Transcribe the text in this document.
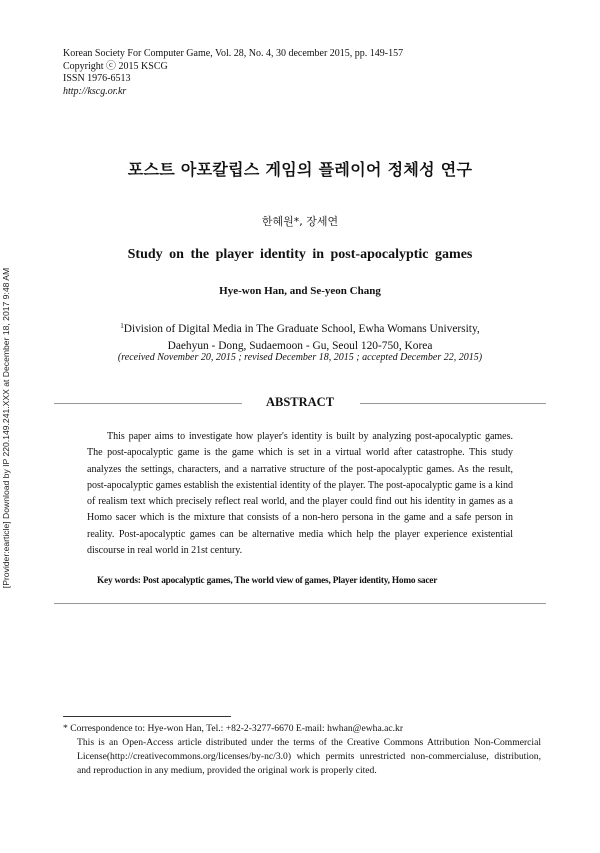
[Provider:earticle] Download by IP 220.149.241.XXX at December 18, 2017 9:48 AM
Korean Society For Computer Game, Vol. 28, No. 4, 30 december 2015, pp. 149-157
Copyright ⓒ 2015 KSCG
ISSN 1976-6513
http://kscg.or.kr
포스트 아포칼립스 게임의 플레이어 정체성 연구
한혜원*, 장세연
Study on the player identity in post-apocalyptic games
Hye-won Han, and Se-yeon Chang
$^1$Division of Digital Media in The Graduate School, Ewha Womans University,
Daehyun - Dong, Sudaemoon - Gu, Seoul 120-750, Korea
(received November 20, 2015 ; revised December 18, 2015 ; accepted December 22, 2015)
ABSTRACT

This paper aims to investigate how player's identity is built by analyzing post-apocalyptic games. The post-apocalyptic game is the game which is set in a virtual world after catastrophe. This study analyzes the settings, characters, and a narrative structure of the post-apocalyptic games. As the result, post-apocalyptic games establish the existential identity of the player. The post-apocalyptic game is a kind of realism text which precisely reflect real world, and the player could find out his identity in games as a Homo sacer which is the mixture that consists of a non-hero persona in the game and a safe person in reality. Post-apocalyptic games can be alternative media which help the player experience existential discourse in real world in 21st century.

Key words: Post apocalyptic games, The world view of games, Player identity, Homo sacer
* Correspondence to: Hye-won Han, Tel.: +82-2-3277-6670 E-mail: hwhan@ewha.ac.kr
This is an Open-Access article distributed under the terms of the Creative Commons Attribution Non-Commercial License(http://creativecommons.org/licenses/by-nc/3.0) which permits unrestricted non-commercialuse, distribution, and reproduction in any medium, provided the original work is properly cited.
